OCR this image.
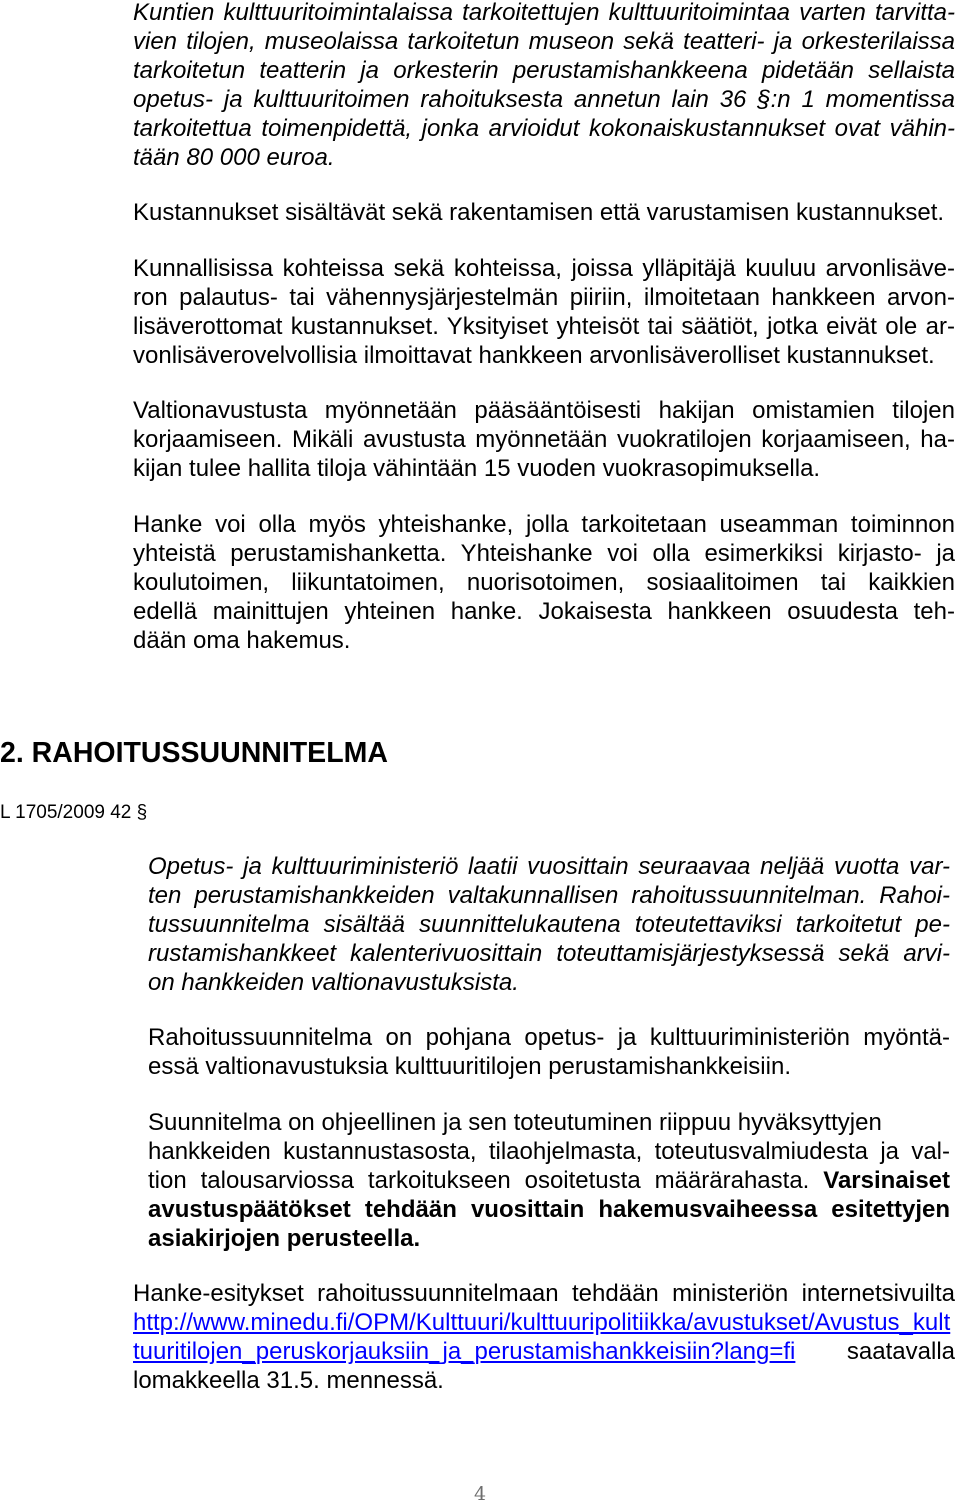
Kuntien kulttuuritoimintalaissa tarkoitettujen kulttuuritoimintaa varten tarvitta-
vien tilojen, museolaissa tarkoitetun museon sekä teatteri- ja orkesterilaissa
tarkoitetun teatterin ja orkesterin perustamishankkeena pidetään sellaista
opetus- ja kulttuuritoimen rahoituksesta annetun lain 36 §:n 1 momentissa
tarkoitettua toimenpidettä, jonka arvioidut kokonaiskustannukset ovat vähin-
tään 80 000 euroa.
Kustannukset sisältävät sekä rakentamisen että varustamisen kustannukset.
Kunnallisissa kohteissa sekä kohteissa, joissa ylläpitäjä kuuluu arvonlisäve-
ron palautus- tai vähennysjärjestelmän piiriin, ilmoitetaan hankkeen arvon-
lisäverottomat kustannukset. Yksityiset yhteisöt tai säätiöt, jotka eivät ole ar-
vonlisäverovelvollisia ilmoittavat hankkeen arvonlisäverolliset kustannukset.
Valtionavustusta myönnetään pääsääntöisesti hakijan omistamien tilojen
korjaamiseen. Mikäli avustusta myönnetään vuokratilojen korjaamiseen, ha-
kijan tulee hallita tiloja vähintään 15 vuoden vuokrasopimuksella.
Hanke voi olla myös yhteishanke, jolla tarkoitetaan useamman toiminnon
yhteistä perustamishanketta. Yhteishanke voi olla esimerkiksi kirjasto- ja
koulutoimen, liikuntatoimen, nuorisotoimen, sosiaalitoimen tai kaikkien
edellä mainittujen yhteinen hanke. Jokaisesta hankkeen osuudesta teh-
dään oma hakemus.
2. RAHOITUSSUUNNITELMA
L 1705/2009 42 §
Opetus- ja kulttuuriministeriö laatii vuosittain seuraavaa neljää vuotta var-
ten perustamishankkeiden valtakunnallisen rahoitussuunnitelman. Rahoi-
tussuunnitelma sisältää suunnittelukautena toteutettaviksi tarkoitetut pe-
rustamishankkeet kalenterivuosittain toteuttamisjärjestyksessä sekä arvi-
on hankkeiden valtionavustuksista.
Rahoitussuunnitelma on pohjana opetus- ja kulttuuriministeriön myöntä-
essä valtionavustuksia kulttuuritilojen perustamishankkeisiin.
Suunnitelma on ohjeellinen ja sen toteutuminen riippuu hyväksyttyjen
hankkeiden kustannustasosta, tilaohjelmasta, toteutusvalmiudesta ja val-
tion talousarviossa tarkoitukseen osoitetusta määrärahasta. Varsinaiset
avustuspäätökset tehdään vuosittain hakemusvaiheessa esitettyjen
asiakirjojen perusteella.
Hanke-esitykset rahoitussuunnitelmaan tehdään ministeriön internetsivuilta
http://www.minedu.fi/OPM/Kulttuuri/kulttuuripolitiikka/avustukset/Avustus_kult
tuuritilojen_peruskorjauksiin_ja_perustamishankkeisiin?lang=fi saatavalla
lomakkeella 31.5. mennessä.
4
